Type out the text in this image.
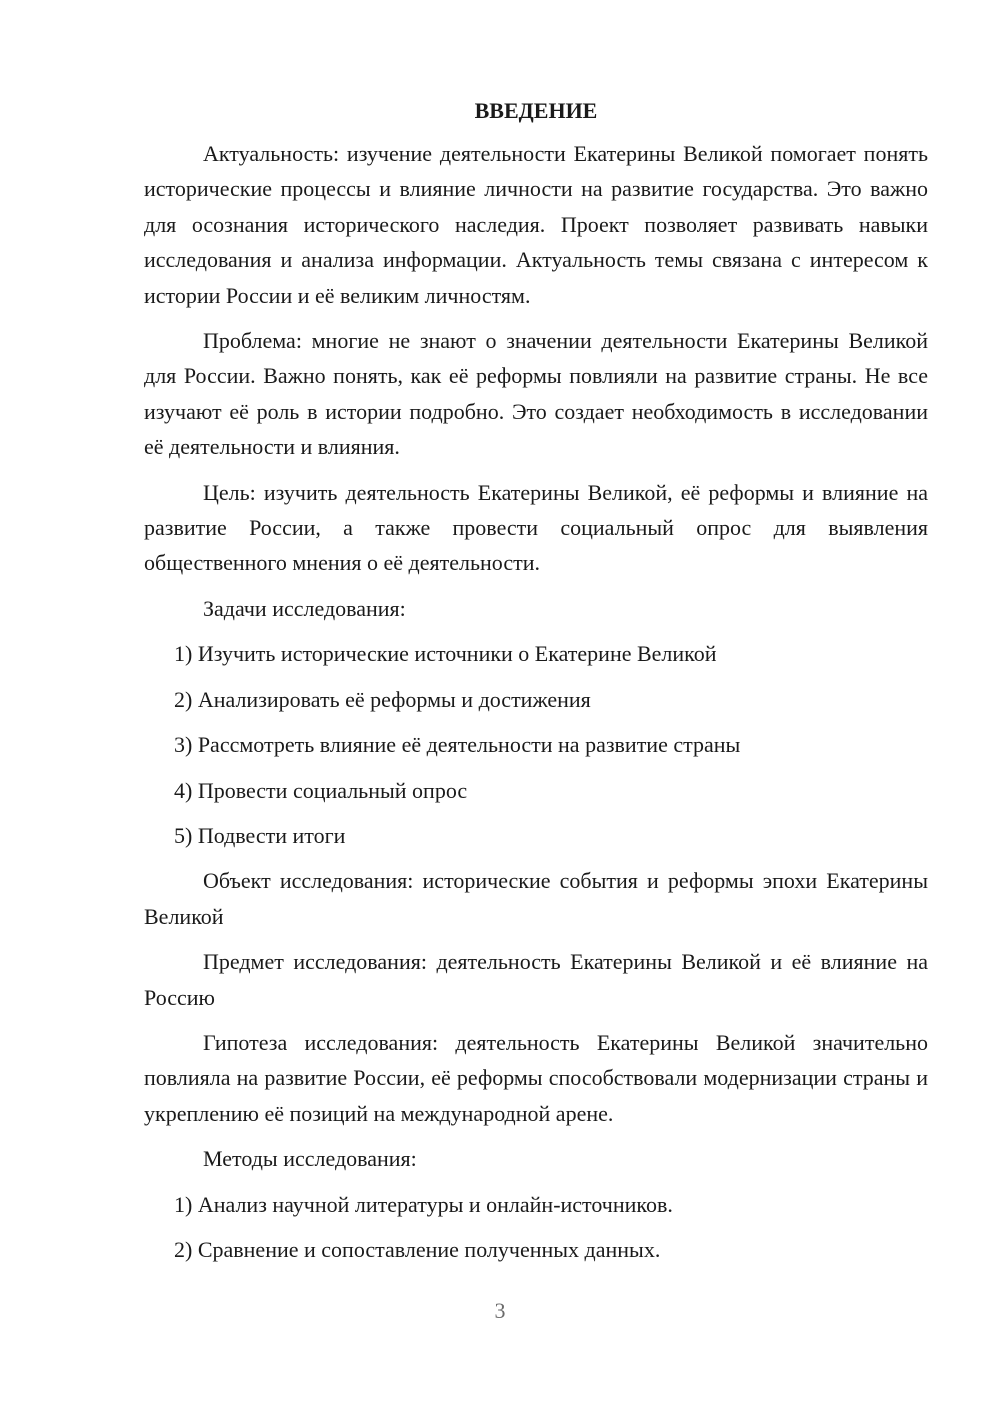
ВВЕДЕНИЕ
Актуальность: изучение деятельности Екатерины Великой помогает понять исторические процессы и влияние личности на развитие государства. Это важно для осознания исторического наследия. Проект позволяет развивать навыки исследования и анализа информации. Актуальность темы связана с интересом к истории России и её великим личностям.
Проблема: многие не знают о значении деятельности Екатерины Великой для России. Важно понять, как её реформы повлияли на развитие страны. Не все изучают её роль в истории подробно. Это создает необходимость в исследовании её деятельности и влияния.
Цель: изучить деятельность Екатерины Великой, её реформы и влияние на развитие России, а также провести социальный опрос для выявления общественного мнения о её деятельности.
Задачи исследования:
1) Изучить исторические источники о Екатерине Великой
2) Анализировать её реформы и достижения
3) Рассмотреть влияние её деятельности на развитие страны
4) Провести социальный опрос
5) Подвести итоги
Объект исследования: исторические события и реформы эпохи Екатерины Великой
Предмет исследования: деятельность Екатерины Великой и её влияние на Россию
Гипотеза исследования: деятельность Екатерины Великой значительно повлияла на развитие России, её реформы способствовали модернизации страны и укреплению её позиций на международной арене.
Методы исследования:
1) Анализ научной литературы и онлайн-источников.
2) Сравнение и сопоставление полученных данных.
3
